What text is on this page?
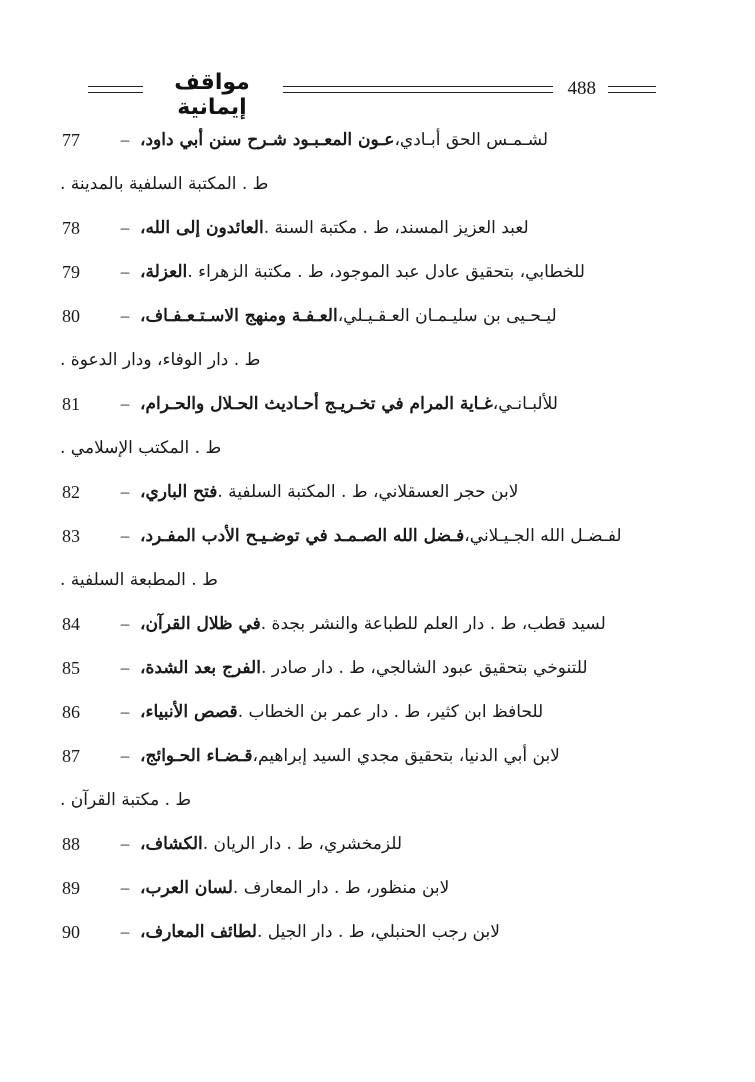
مواقف إيمانية
488
77	– عـون المعـبـود شـرح سنن أبي داود، لشـمـس الحق أبـادي،
ط . المكتبة السلفية بالمدينة .
78	– العائدون إلى الله، لعبد العزيز المسند، ط . مكتبة السنة .
79	– العزلة، للخطابي، بتحقيق عادل عبد الموجود، ط . مكتبة الزهراء .
80	– العـفـة ومنهج الاسـتـعـفـاف، ليـحـيى بن سليـمـان العـقـيـلي،
ط . دار الوفاء، ودار الدعوة .
81	– غـاية المرام في تخـريـج أحـاديث الحـلال والحـرام، للألبـانـي،
ط . المكتب الإسلامي .
82	– فتح الباري، لابن حجر العسقلاني، ط . المكتبة السلفية .
83	– فـضل الله الصـمـد في توضـيـح الأدب المفـرد، لفـضـل الله الجـيـلاني،
ط . المطبعة السلفية .
84	– في ظلال القرآن، لسيد قطب، ط . دار العلم للطباعة والنشر بجدة .
85	– الفرج بعد الشدة، للتنوخي بتحقيق عبود الشالجي، ط . دار صادر .
86	– قصص الأنبياء، للحافظ ابن كثير، ط . دار عمر بن الخطاب .
87	– قـضـاء الحـوائج، لابن أبي الدنيا، بتحقيق مجدي السيد إبراهيم،
ط . مكتبة القرآن .
88	– الكشاف، للزمخشري، ط . دار الريان .
89	– لسان العرب، لابن منظور، ط . دار المعارف .
90	– لطائف المعارف، لابن رجب الحنبلي، ط . دار الجيل .
